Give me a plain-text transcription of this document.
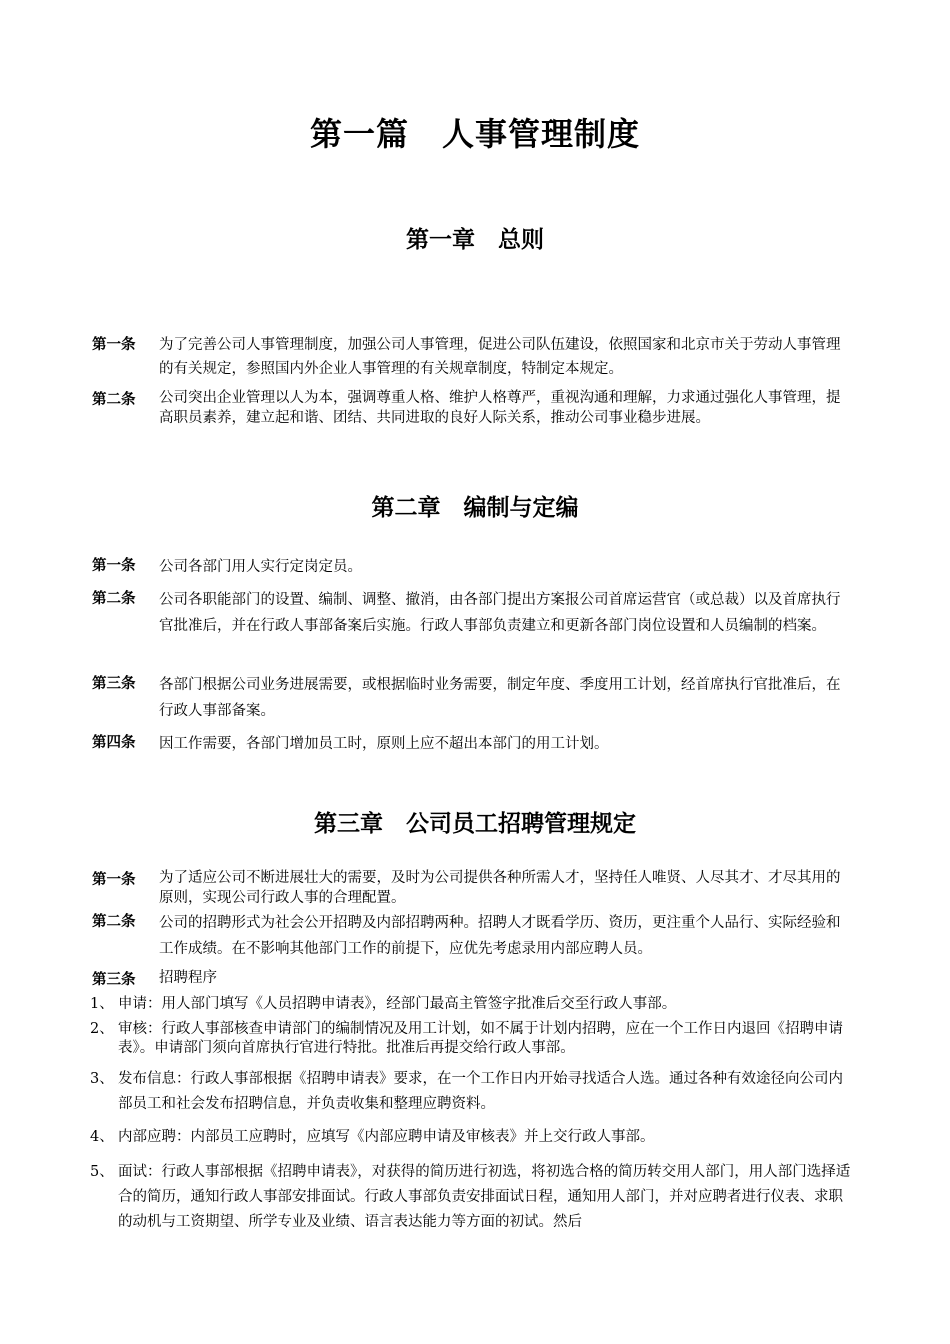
第一篇　人事管理制度
第一章　总则
第一条 为了完善公司人事管理制度，加强公司人事管理，促进公司队伍建设，依照国家和北京市关于劳动人事管理的有关规定，参照国内外企业人事管理的有关规章制度，特制定本规定。
第二条 公司突出企业管理以人为本，强调尊重人格、维护人格尊严，重视沟通和理解，力求通过强化人事管理，提高职员素养，建立起和谐、团结、共同进取的良好人际关系，推动公司事业稳步进展。
第二章　编制与定编
第一条 公司各部门用人实行定岗定员。
第二条 公司各职能部门的设置、编制、调整、撤消，由各部门提出方案报公司首席运营官（或总裁）以及首席执行官批准后，并在行政人事部备案后实施。行政人事部负责建立和更新各部门岗位设置和人员编制的档案。
第三条 各部门根据公司业务进展需要，或根据临时业务需要，制定年度、季度用工计划，经首席执行官批准后，在行政人事部备案。
第四条 因工作需要，各部门增加员工时，原则上应不超出本部门的用工计划。
第三章　公司员工招聘管理规定
第一条 为了适应公司不断进展壮大的需要，及时为公司提供各种所需人才，坚持任人唯贤、人尽其才、才尽其用的原则，实现公司行政人事的合理配置。
第二条 公司的招聘形式为社会公开招聘及内部招聘两种。招聘人才既看学历、资历，更注重个人品行、实际经验和工作成绩。在不影响其他部门工作的前提下，应优先考虑录用内部应聘人员。
第三条 招聘程序
1、 申请：用人部门填写《人员招聘申请表》，经部门最高主管签字批准后交至行政人事部。
2、 审核：行政人事部核查申请部门的编制情况及用工计划，如不属于计划内招聘，应在一个工作日内退回《招聘申请表》。申请部门须向首席执行官进行特批。批准后再提交给行政人事部。
3、 发布信息：行政人事部根据《招聘申请表》要求，在一个工作日内开始寻找适合人选。通过各种有效途径向公司内部员工和社会发布招聘信息，并负责收集和整理应聘资料。
4、 内部应聘：内部员工应聘时，应填写《内部应聘申请及审核表》并上交行政人事部。
5、 面试：行政人事部根据《招聘申请表》，对获得的简历进行初选，将初选合格的简历转交用人部门，用人部门选择适合的简历，通知行政人事部安排面试。行政人事部负责安排面试日程，通知用人部门，并对应聘者进行仪表、求职的动机与工资期望、所学专业及业绩、语言表达能力等方面的初试。然后
